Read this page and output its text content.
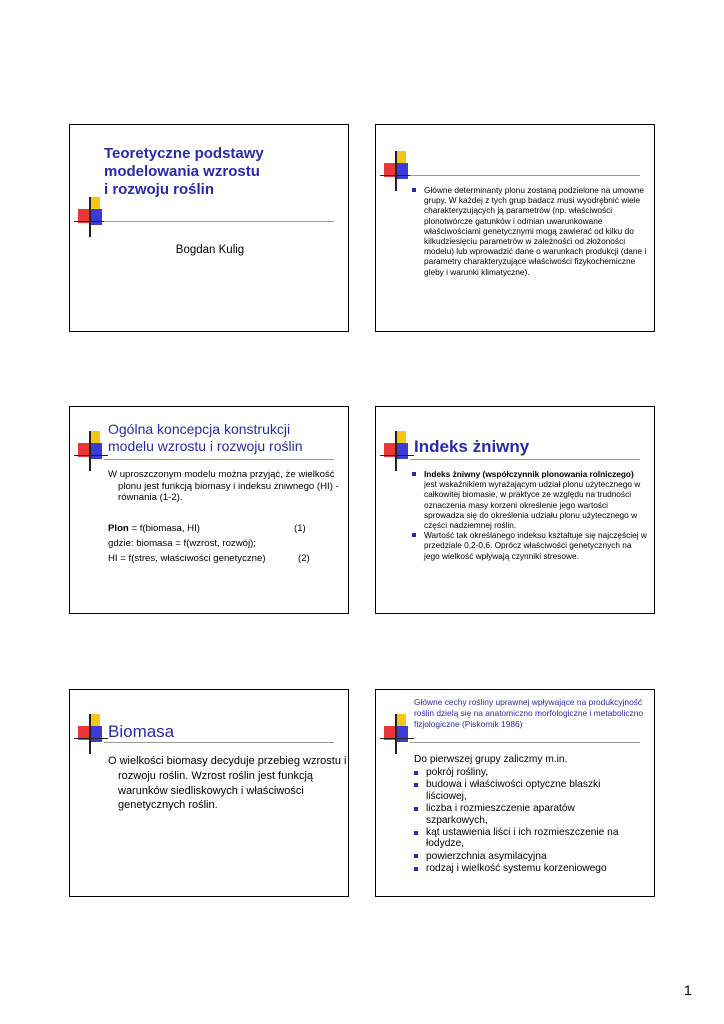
Teoretyczne podstawy
modelowania wzrostu
i rozwoju roślin
Bogdan Kulig
Główne determinanty plonu zostaną podzielone na umowne grupy. W każdej z tych grup badacz musi wyodrębnić wiele charakteryzujących ją parametrów (np. właściwości plonotwórcze gatunków i odmian uwarunkowane właściwościami genetycznymi mogą zawierać od kilku do kilkudziesięciu parametrów w zależności od złożoności modelu) lub wprowadzić dane o warunkach produkcji (dane i parametry charakteryzujące właściwości fizykochemiczne gleby i warunki klimatyczne).
Ogólna koncepcja konstrukcji
modelu wzrostu i rozwoju roślin
W uproszczonym modelu można przyjąć, że wielkość plonu jest funkcją biomasy i indeksu żniwnego (HI) - równania (1-2).
Plon = f(biomasa, HI)	(1)
gdzie: biomasa = f(wzrost, rozwój);
HI = f(stres, właściwości genetyczne)	(2)
Indeks żniwny
Indeks żniwny (współczynnik plonowania rolniczego) jest wskaźnikiem wyrażającym udział plonu użytecznego w całkowitej biomasie, w praktyce ze względu na trudności oznaczenia masy korzeni określenie jego wartości sprowadza się do określenia udziału plonu użytecznego w części nadziemnej roślin.
Wartość tak określanego indeksu kształtuje się najczęściej w przedziale 0,2-0,6. Oprócz właściwości genetycznych na jego wielkość wpływają czynniki stresowe.
Biomasa
O wielkości biomasy decyduje przebieg wzrostu i rozwoju roślin. Wzrost roślin jest funkcją warunków siedliskowych i właściwości genetycznych roślin.
Główne cechy rośliny uprawnej wpływające na produkcyjność roślin dzielą się na anatomiczno morfologiczne i metaboliczno fizjologiczne (Piskornik 1986)
Do pierwszej grupy zaliczmy m.in.
pokrój rośliny,
budowa i właściwości optyczne blaszki liściowej,
liczba i rozmieszczenie aparatów szparkowych,
kąt ustawienia liści i ich rozmieszczenie na łodydze,
powierzchnia asymilacyjna
rodzaj i wielkość systemu korzeniowego
1
